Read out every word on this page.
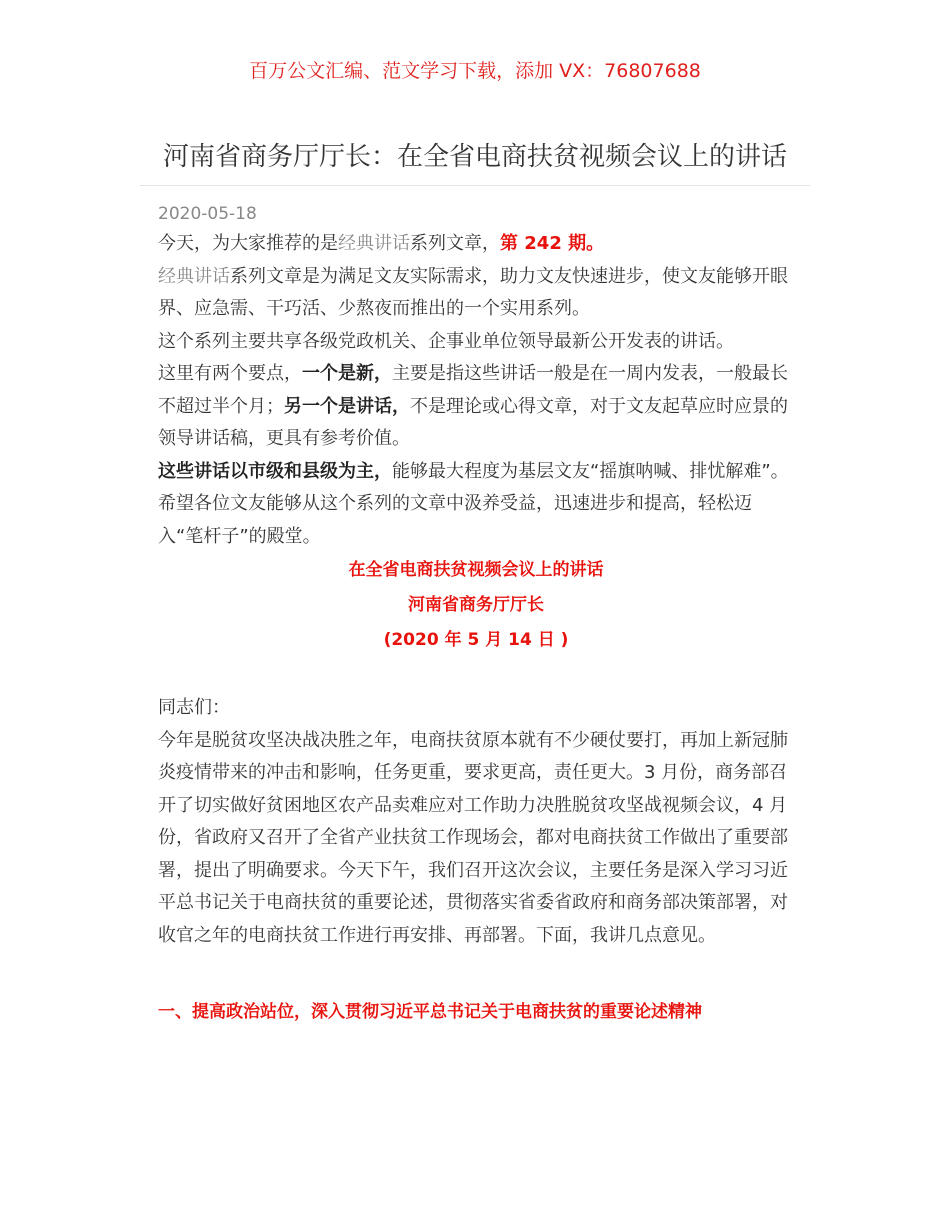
百万公文汇编、范文学习下载，添加 VX：76807688
河南省商务厅厅长：在全省电商扶贫视频会议上的讲话
2020-05-18

今天，为大家推荐的是经典讲话系列文章，第 242 期。

经典讲话系列文章是为满足文友实际需求，助力文友快速进步，使文友能够开眼界、应急需、干巧活、少熬夜而推出的一个实用系列。

这个系列主要共享各级党政机关、企事业单位领导最新公开发表的讲话。

这里有两个要点，一个是新，主要是指这些讲话一般是在一周内发表，一般最长不超过半个月；另一个是讲话，不是理论或心得文章，对于文友起草应时应景的领导讲话稿，更具有参考价值。

这些讲话以市级和县级为主，能够最大程度为基层文友“摇旗呐喊、排忧解难”。希望各位文友能够从这个系列的文章中汲养受益，迅速进步和提高，轻松迈入“笔杆子”的殿堂。

在全省电商扶贫视频会议上的讲话
河南省商务厅厅长
(2020 年 5 月 14 日 )

同志们：

今年是脱贫攻坚决战决胜之年，电商扶贫原本就有不少硬仗要打，再加上新冠肺炎疫情带来的冲击和影响，任务更重，要求更高，责任更大。3 月份，商务部召开了切实做好贫困地区农产品卖难应对工作助力决胜脱贫攻坚战视频会议，4 月份，省政府又召开了全省产业扶贫工作现场会，都对电商扶贫工作做出了重要部署，提出了明确要求。今天下午，我们召开这次会议，主要任务是深入学习习近平总书记关于电商扶贫的重要论述，贯彻落实省委省政府和商务部决策部署，对收官之年的电商扶贫工作进行再安排、再部署。下面，我讲几点意见。

一、提高政治站位，深入贯彻习近平总书记关于电商扶贫的重要论述精神
